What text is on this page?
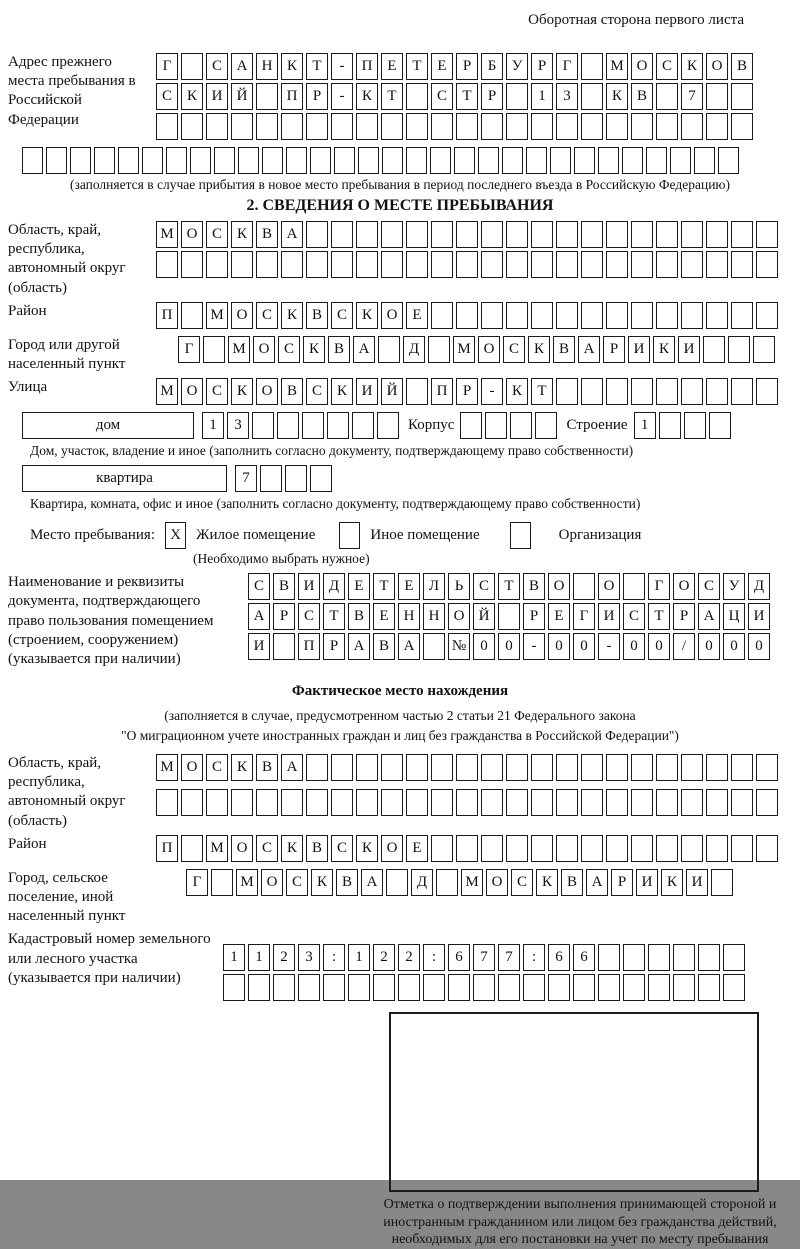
Оборотная сторона первого листа
Адрес прежнего места пребывания в Российской Федерации
Г	С А Н К	Т	-	П Е	Т	Е	Р	Б	У	Р	Г	М О С К О В
С К И Й	П	Р	-	К	Т	С	Т	Р	1	3	К В	7
(заполняется в случае прибытия в новое место пребывания в период последнего въезда в Российскую Федерацию)
2. СВЕДЕНИЯ О МЕСТЕ ПРЕБЫВАНИЯ
Область, край, республика, автономный округ (область)
М О С К В А
Район	П	М О С К В С К О Е
Город или другой населенный пункт
Г	М О С К В А	Д	М О С К В А	Р	И К И
Улица	М О С К О В С К И Й	П	Р	-	К	Т
дом	1	3	Корпус	Строение 1
Дом, участок, владение и иное (заполнить согласно документу, подтверждающему право собственности)
квартира	7
Квартира, комната, офис и иное (заполнить согласно документу, подтверждающему право собственности)
Место пребывания:	X	Жилое помещение	Иное помещение	Организация
(Необходимо выбрать нужное)
Наименование и реквизиты документа, подтверждающего право пользования помещением (строением, сооружением) (указывается при наличии)
С В И Д	Е	Т	Е	Л	Ь	С	Т	В О	О	Г	О С У Д
А	Р	С	Т	В	Е	Н Н О Й	Р	Е	Г	И С	Т	Р	А Ц И
И	П	Р	А В А	№ 0	0	-	0	0	-	0	0	/	0	0	0
Фактическое место нахождения
(заполняется в случае, предусмотренном частью 2 статьи 21 Федерального закона
"О миграционном учете иностранных граждан и лиц без гражданства в Российской Федерации")
Область, край, республика, автономный округ (область)
М О С К В А
Район	П	М О С К В С К О Е
Город, сельское поселение, иной населенный пункт
Г	М О С К В А	Д	М О С К В А	Р	И К И
Кадастровый номер земельного или лесного участка (указывается при наличии)
1	1	2	3	:	1	2	2	:	6	7	7	:	6	6
Отметка о подтверждении выполнения принимающей стороной и иностранным гражданином или лицом без гражданства действий, необходимых для его постановки на учет по месту пребывания
